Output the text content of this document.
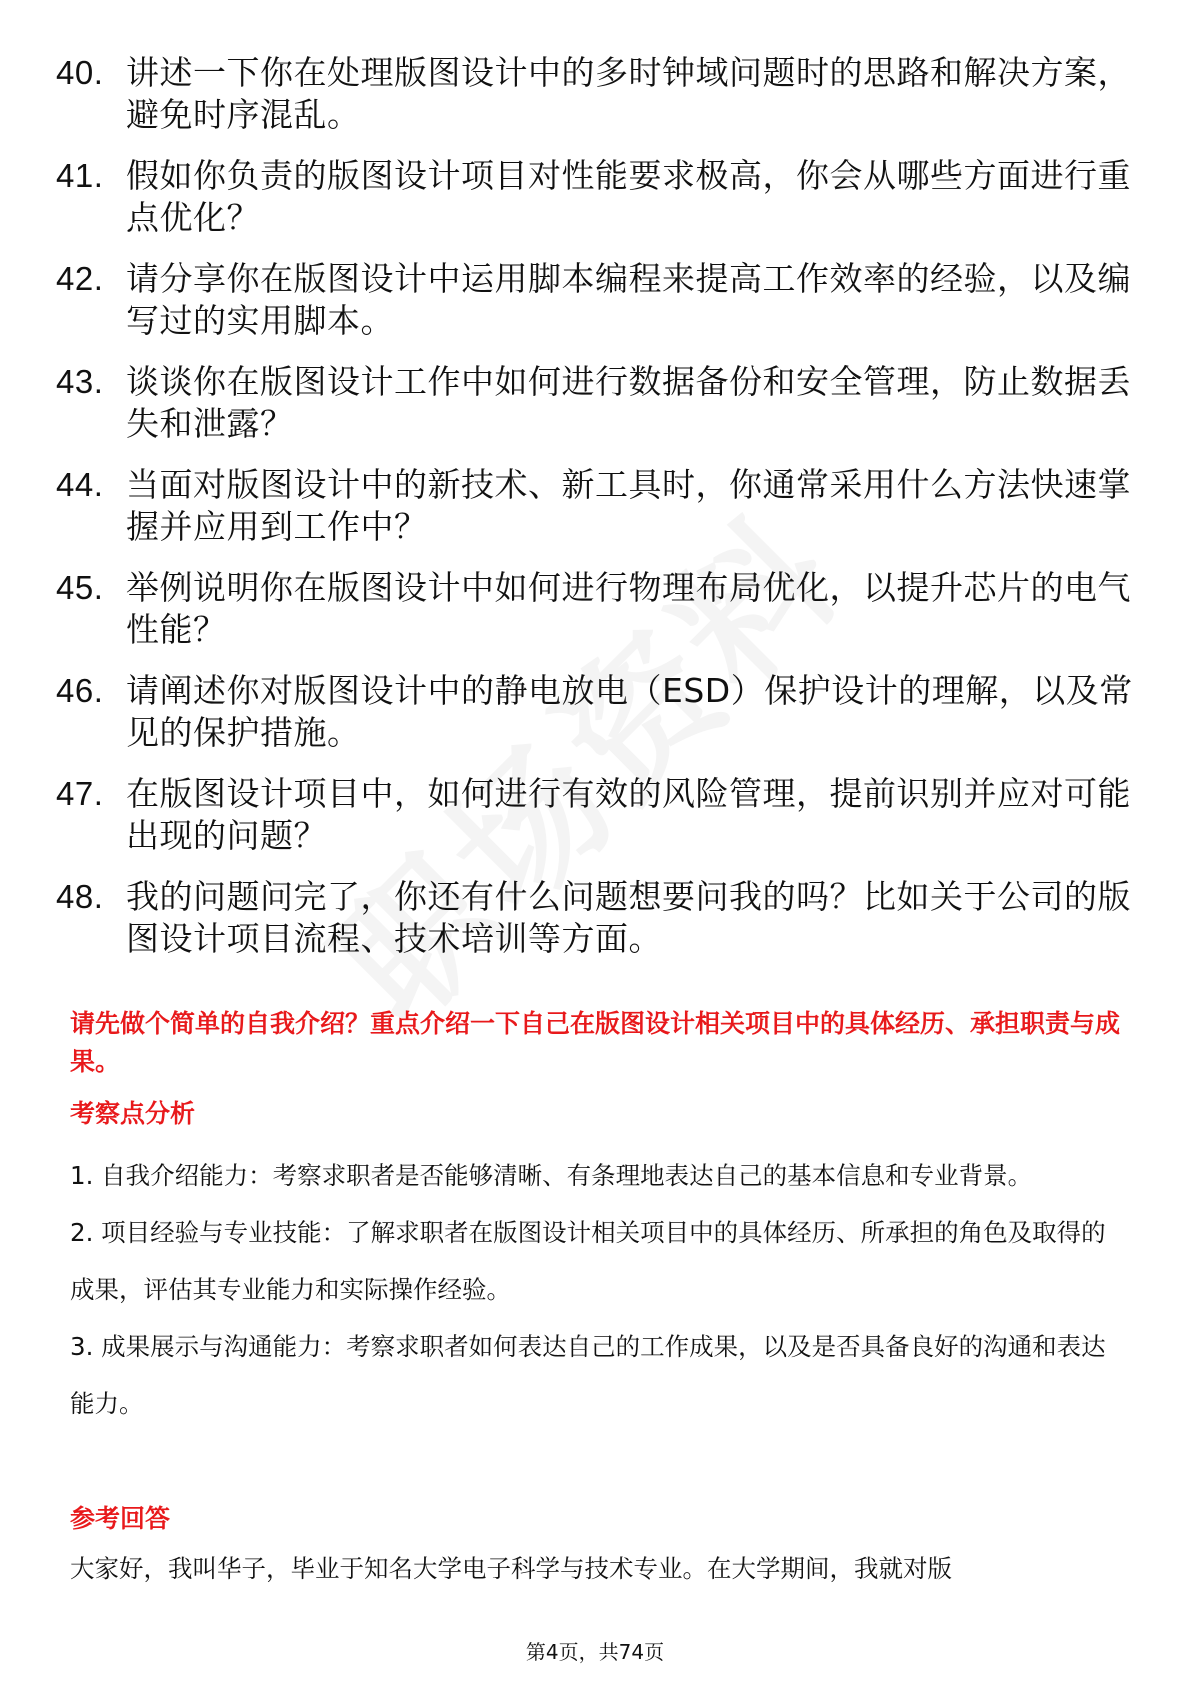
40. 讲述一下你在处理版图设计中的多时钟域问题时的思路和解决方案，避免时序混乱。
41. 假如你负责的版图设计项目对性能要求极高，你会从哪些方面进行重点优化？
42. 请分享你在版图设计中运用脚本编程来提高工作效率的经验，以及编写过的实用脚本。
43. 谈谈你在版图设计工作中如何进行数据备份和安全管理，防止数据丢失和泄露？
44. 当面对版图设计中的新技术、新工具时，你通常采用什么方法快速掌握并应用到工作中？
45. 举例说明你在版图设计中如何进行物理布局优化，以提升芯片的电气性能？
46. 请阐述你对版图设计中的静电放电（ESD）保护设计的理解，以及常见的保护措施。
47. 在版图设计项目中，如何进行有效的风险管理，提前识别并应对可能出现的问题？
48. 我的问题问完了，你还有什么问题想要问我的吗？比如关于公司的版图设计项目流程、技术培训等方面。
请先做个简单的自我介绍？重点介绍一下自己在版图设计相关项目中的具体经历、承担职责与成果。
考察点分析

1. 自我介绍能力：考察求职者是否能够清晰、有条理地表达自己的基本信息和专业背景。

2. 项目经验与专业技能：了解求职者在版图设计相关项目中的具体经历、所承担的角色及取得的成果，评估其专业能力和实际操作经验。

3. 成果展示与沟通能力：考察求职者如何表达自己的工作成果，以及是否具备良好的沟通和表达能力。

参考回答
大家好，我叫华子，毕业于知名大学电子科学与技术专业。在大学期间，我就对版
第4页，共74页
